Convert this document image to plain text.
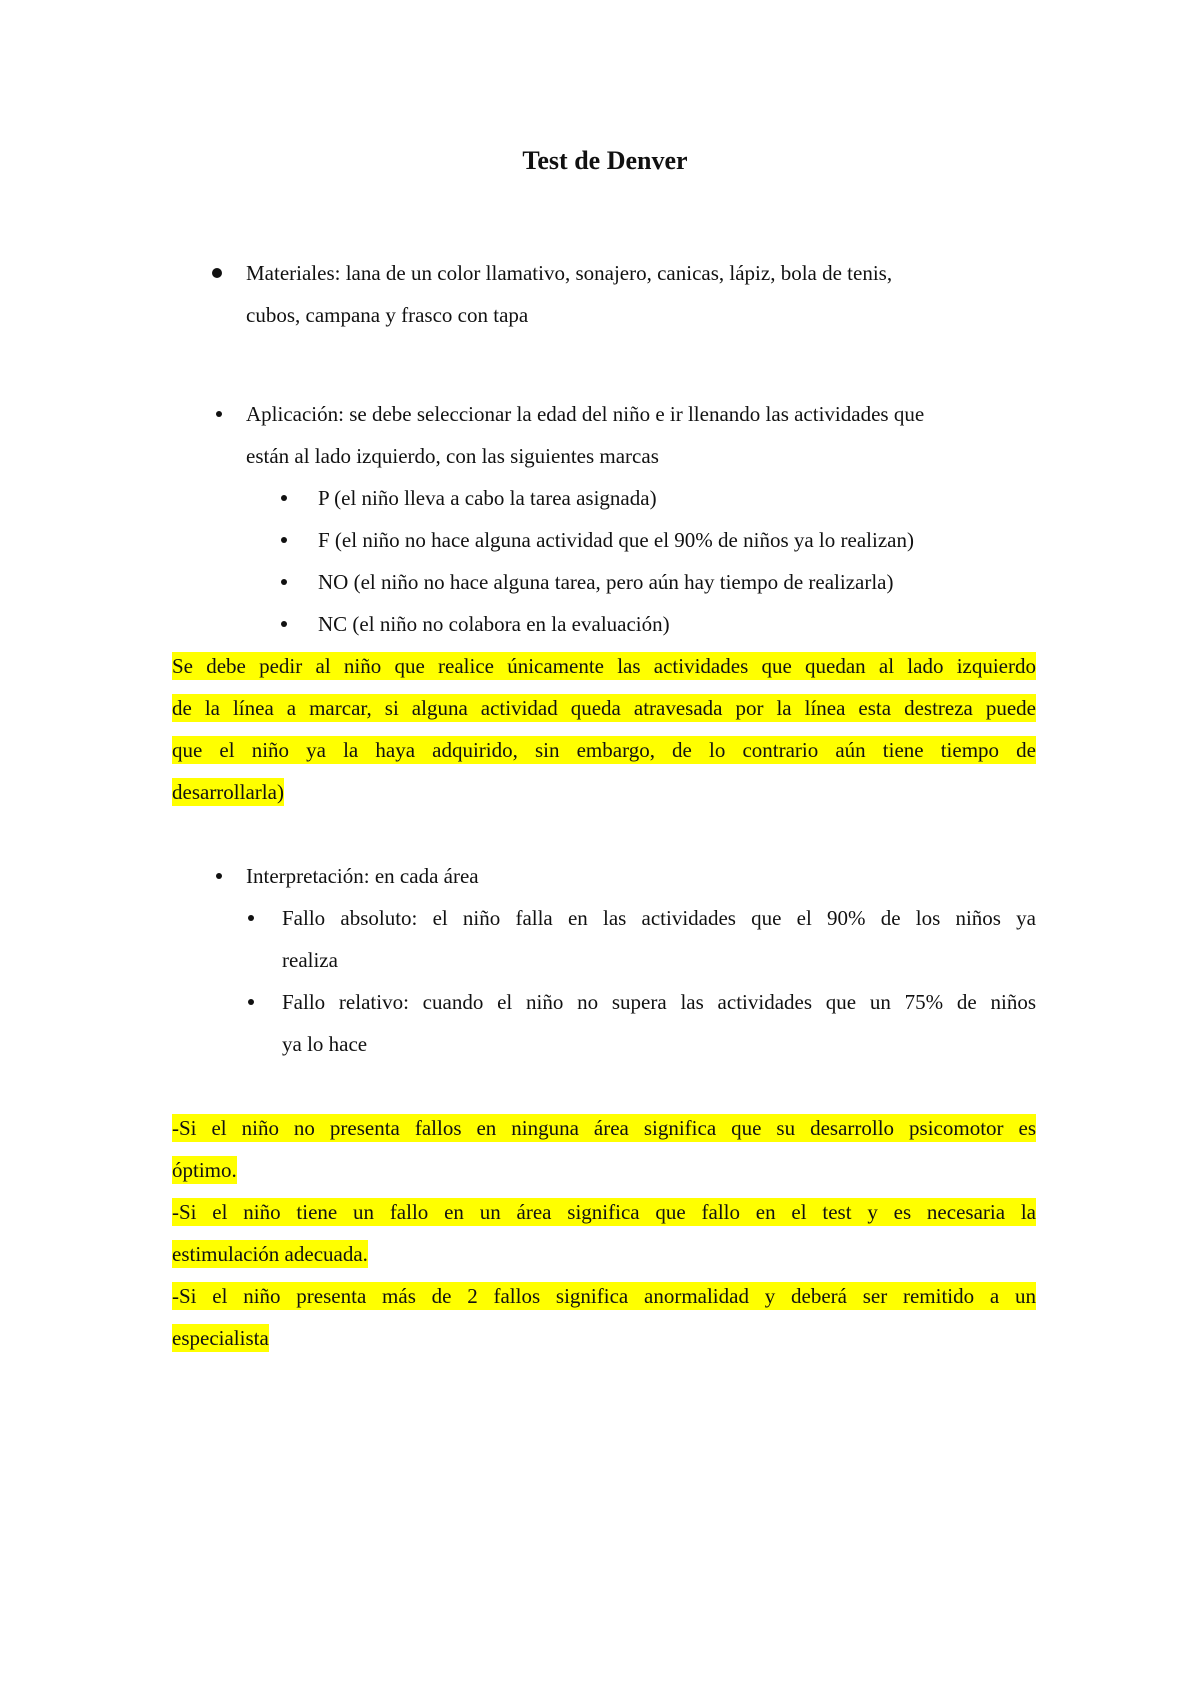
Test de Denver
Materiales: lana de un color llamativo, sonajero, canicas, lápiz, bola de tenis,
cubos, campana y frasco con tapa
Aplicación: se debe seleccionar la edad del niño e ir llenando las actividades que
están al lado izquierdo, con las siguientes marcas
P (el niño lleva a cabo la tarea asignada)
F (el niño no hace alguna actividad que el 90% de niños ya lo realizan)
NO (el niño no hace alguna tarea, pero aún hay tiempo de realizarla)
NC (el niño no colabora en la evaluación)
Se debe pedir al niño que realice únicamente las actividades que quedan al lado izquierdo
de la línea a marcar, si alguna actividad queda atravesada por la línea esta destreza puede
que el niño ya la haya adquirido, sin embargo, de lo contrario aún tiene tiempo de
desarrollarla)
Interpretación: en cada área
Fallo absoluto: el niño falla en las actividades que el 90% de los niños ya
realiza
Fallo relativo: cuando el niño no supera las actividades que un 75% de niños
ya lo hace
-Si el niño no presenta fallos en ninguna área significa que su desarrollo psicomotor es
óptimo.
-Si el niño tiene un fallo en un área significa que fallo en el test y es necesaria la
estimulación adecuada.
-Si el niño presenta más de 2 fallos significa anormalidad y deberá ser remitido a un
especialista
